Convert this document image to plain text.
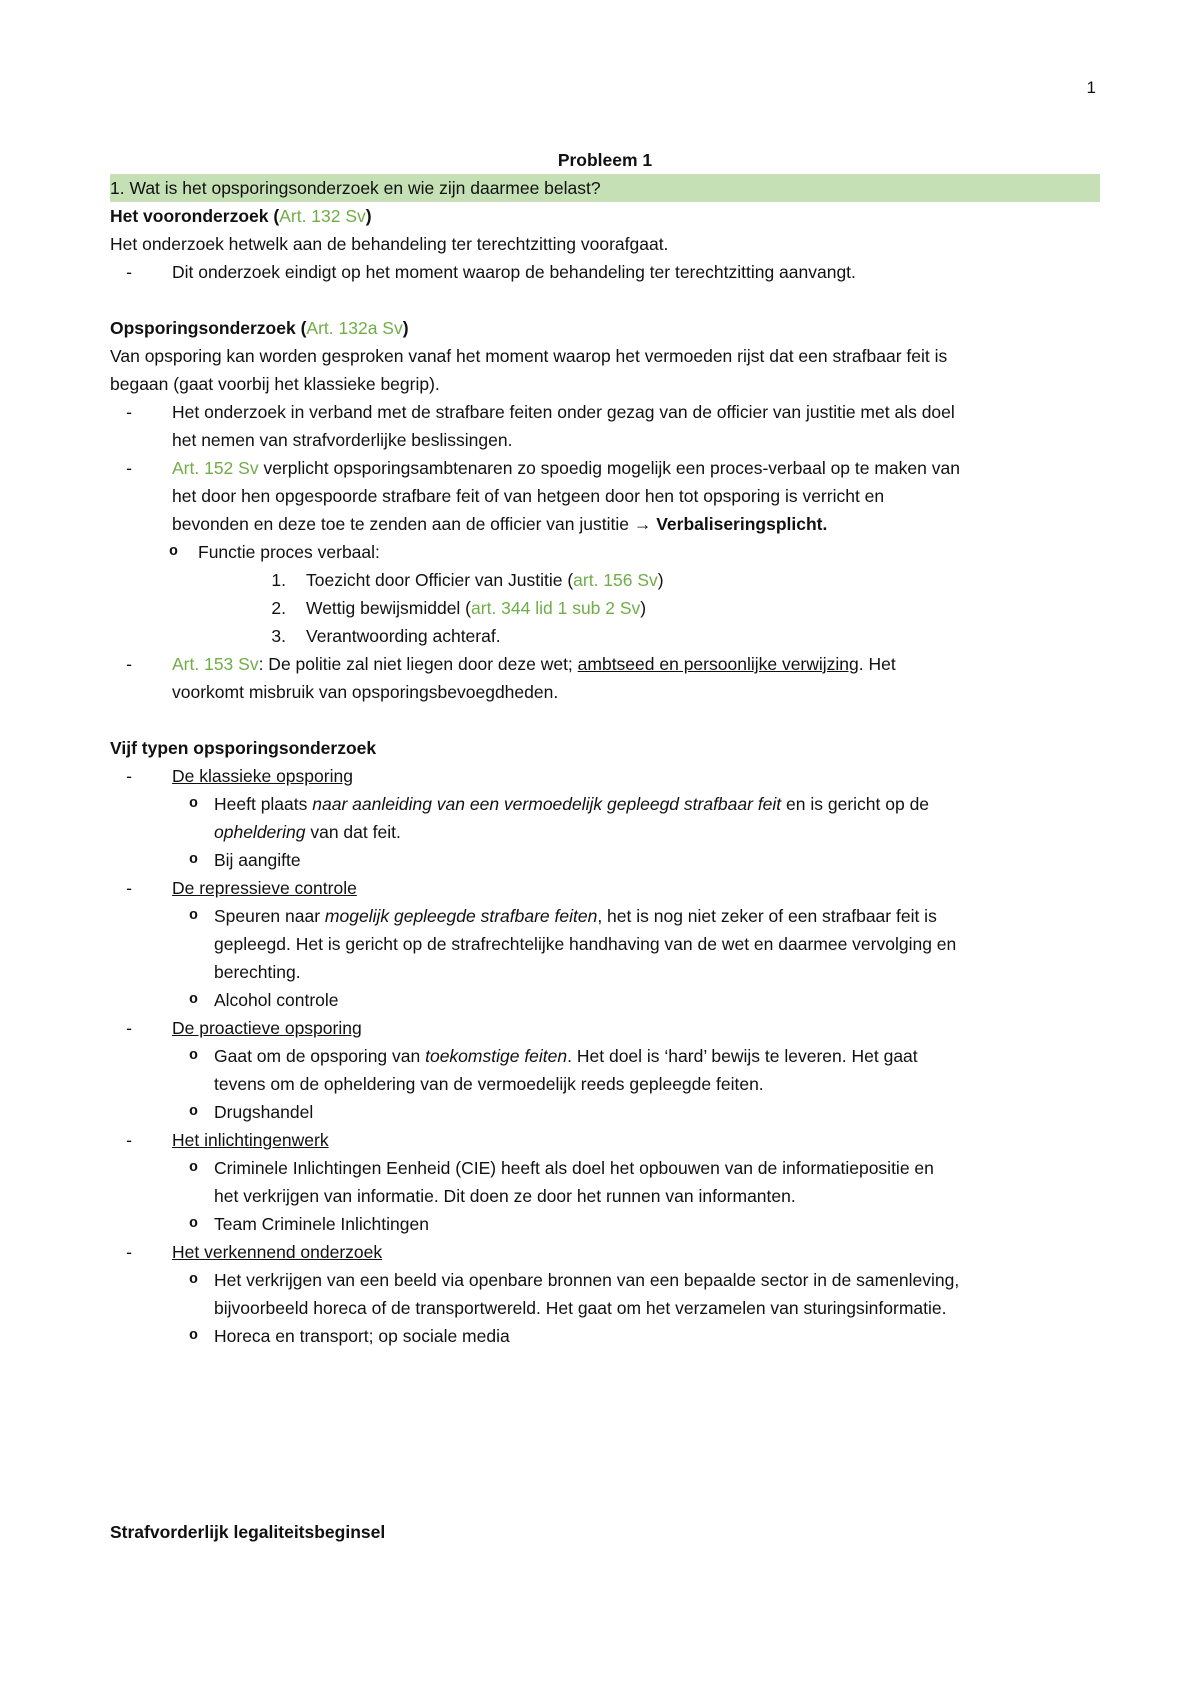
1
Probleem 1
1. Wat is het opsporingsonderzoek en wie zijn daarmee belast?
Het vooronderzoek (Art. 132 Sv)
Het onderzoek hetwelk aan de behandeling ter terechtzitting voorafgaat.
-	Dit onderzoek eindigt op het moment waarop de behandeling ter terechtzitting aanvangt.
Opsporingsonderzoek (Art. 132a Sv)
Van opsporing kan worden gesproken vanaf het moment waarop het vermoeden rijst dat een strafbaar feit is
begaan (gaat voorbij het klassieke begrip).
-	Het onderzoek in verband met de strafbare feiten onder gezag van de officier van justitie met als doel
het nemen van strafvorderlijke beslissingen.
-	Art. 152 Sv verplicht opsporingsambtenaren zo spoedig mogelijk een proces-verbaal op te maken van
het door hen opgespoorde strafbare feit of van hetgeen door hen tot opsporing is verricht en
bevonden en deze toe te zenden aan de officier van justitie → Verbaliseringsplicht.
o	Functie proces verbaal:
1.	Toezicht door Officier van Justitie (art. 156 Sv)
2.	Wettig bewijsmiddel (art. 344 lid 1 sub 2 Sv)
3.	Verantwoording achteraf.
-	Art. 153 Sv: De politie zal niet liegen door deze wet; ambtseed en persoonlijke verwijzing. Het
voorkomt misbruik van opsporingsbevoegdheden.
Vijf typen opsporingsonderzoek
-	De klassieke opsporing
o Heeft plaats naar aanleiding van een vermoedelijk gepleegd strafbaar feit en is gericht op de
opheldering van dat feit.
o Bij aangifte
-	De repressieve controle
o Speuren naar mogelijk gepleegde strafbare feiten, het is nog niet zeker of een strafbaar feit is
gepleegd. Het is gericht op de strafrechtelijke handhaving van de wet en daarmee vervolging en
berechting.
o Alcohol controle
-	De proactieve opsporing
o Gaat om de opsporing van toekomstige feiten. Het doel is ‘hard’ bewijs te leveren. Het gaat
tevens om de opheldering van de vermoedelijk reeds gepleegde feiten.
o Drugshandel
-	Het inlichtingenwerk
o Criminele Inlichtingen Eenheid (CIE) heeft als doel het opbouwen van de informatiepositie en
het verkrijgen van informatie. Dit doen ze door het runnen van informanten.
o Team Criminele Inlichtingen
-	Het verkennend onderzoek
o Het verkrijgen van een beeld via openbare bronnen van een bepaalde sector in de samenleving,
bijvoorbeeld horeca of de transportwereld. Het gaat om het verzamelen van sturingsinformatie.
o Horeca en transport; op sociale media
Strafvorderlijk legaliteitsbeginsel
